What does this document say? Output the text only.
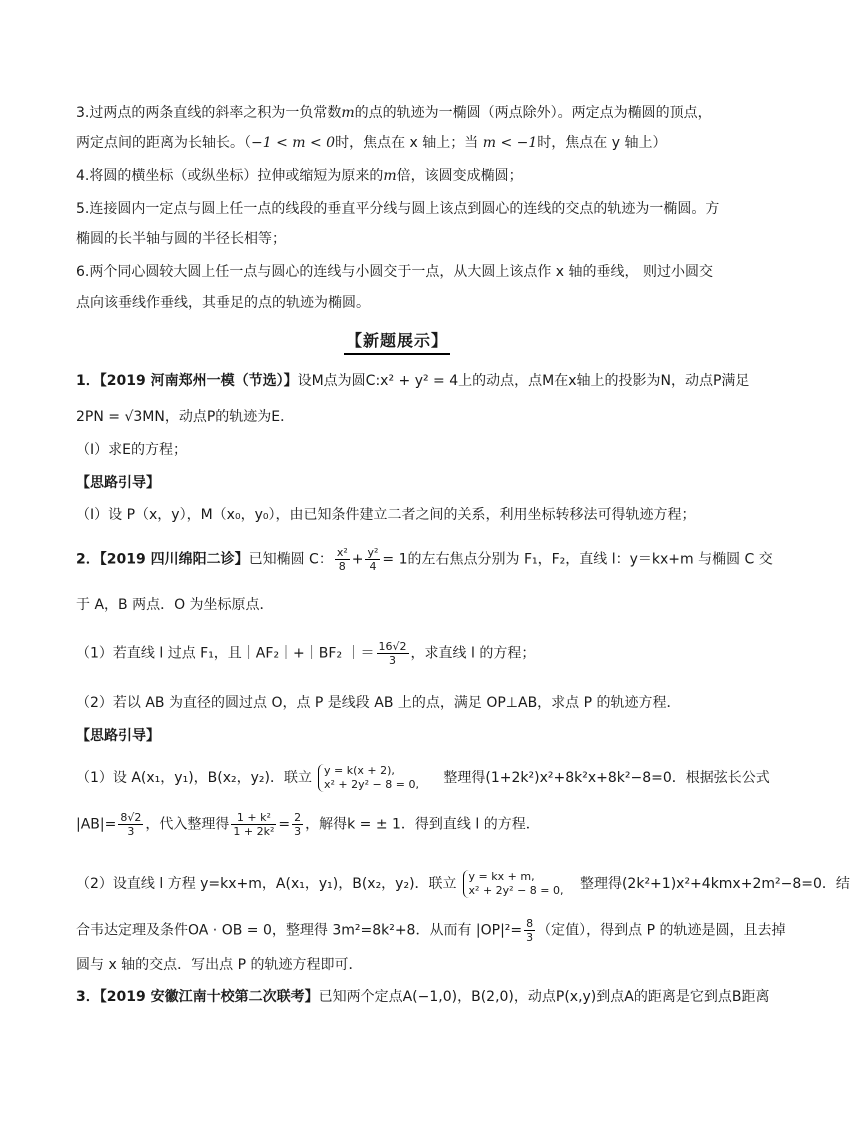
3.过两点的两条直线的斜率之积为一负常数m的点的轨迹为一椭圆（两点除外）。两定点为椭圆的顶点，
两定点间的距离为长轴长。（−1 < m < 0时，焦点在 x 轴上；当 m < −1时，焦点在 y 轴上）
4.将圆的横坐标（或纵坐标）拉伸或缩短为原来的m倍，该圆变成椭圆；
5.连接圆内一定点与圆上任一点的线段的垂直平分线与圆上该点到圆心的连线的交点的轨迹为一椭圆。方
椭圆的长半轴与圆的半径长相等；
6.两个同心圆较大圆上任一点与圆心的连线与小圆交于一点，从大圆上该点作 x 轴的垂线， 则过小圆交
点向该垂线作垂线，其垂足的点的轨迹为椭圆。
【新题展示】
1．【2019 河南郑州一模（节选）】设M点为圆C:x² + y² = 4上的动点，点M在x轴上的投影为N，动点P满足
2PN = √3MN，动点P的轨迹为E．
（Ⅰ）求E的方程；
【思路引导】
（Ⅰ）设 P（x，y），M（x₀，y₀），由已知条件建立二者之间的关系，利用坐标转移法可得轨迹方程；
2．【2019 四川绵阳二诊】已知椭圆 C： $\frac{\text{x²}}{8} + \frac{\text{y²}}{4} = 1$的左右焦点分别为 F₁，F₂，直线 l：y＝kx+m 与椭圆 C 交
于 A，B 两点．O 为坐标原点．
（1）若直线 l 过点 F₁，且｜AF₂｜+｜BF₂ ｜＝ $\frac{16√2}{3}$ ，求直线 l 的方程；
（2）若以 AB 为直径的圆过点 O，点 P 是线段 AB 上的点，满足 OP⊥AB，求点 P 的轨迹方程．
【思路引导】
（1）设 A(x₁，y₁)，B(x₂，y₂)．联立 y = k(x + 2),
x² + 2y² − 8 = 0, 整理得(1+2k²)x²+8k²x+8k²−8=0．根据弦长公式
$|AB|= \frac{8√2}{3}$ ，代入整理得 $\frac{\text{1 + k²}}{\text{1 + 2k²}} = \frac{2}{3}$ ，解得k = ± 1．得到直线 l 的方程．
（2）设直线 l 方程 y=kx+m，A(x₁，y₁)，B(x₂，y₂)．联立 y = kx + m,
x² + 2y² − 8 = 0, 整理得(2k²+1)x²+4kmx+2m²−8=0．结
合韦达定理及条件OA · OB = 0，整理得 3m²=8k²+8．从而有 $|OP|^2= \frac{8}{3}$ （定值），得到点 P 的轨迹是圆，且去掉
圆与 x 轴的交点．写出点 P 的轨迹方程即可．
3．【2019 安徽江南十校第二次联考】已知两个定点A(−1,0)，B(2,0)，动点P(x,y)到点A的距离是它到点B距离
